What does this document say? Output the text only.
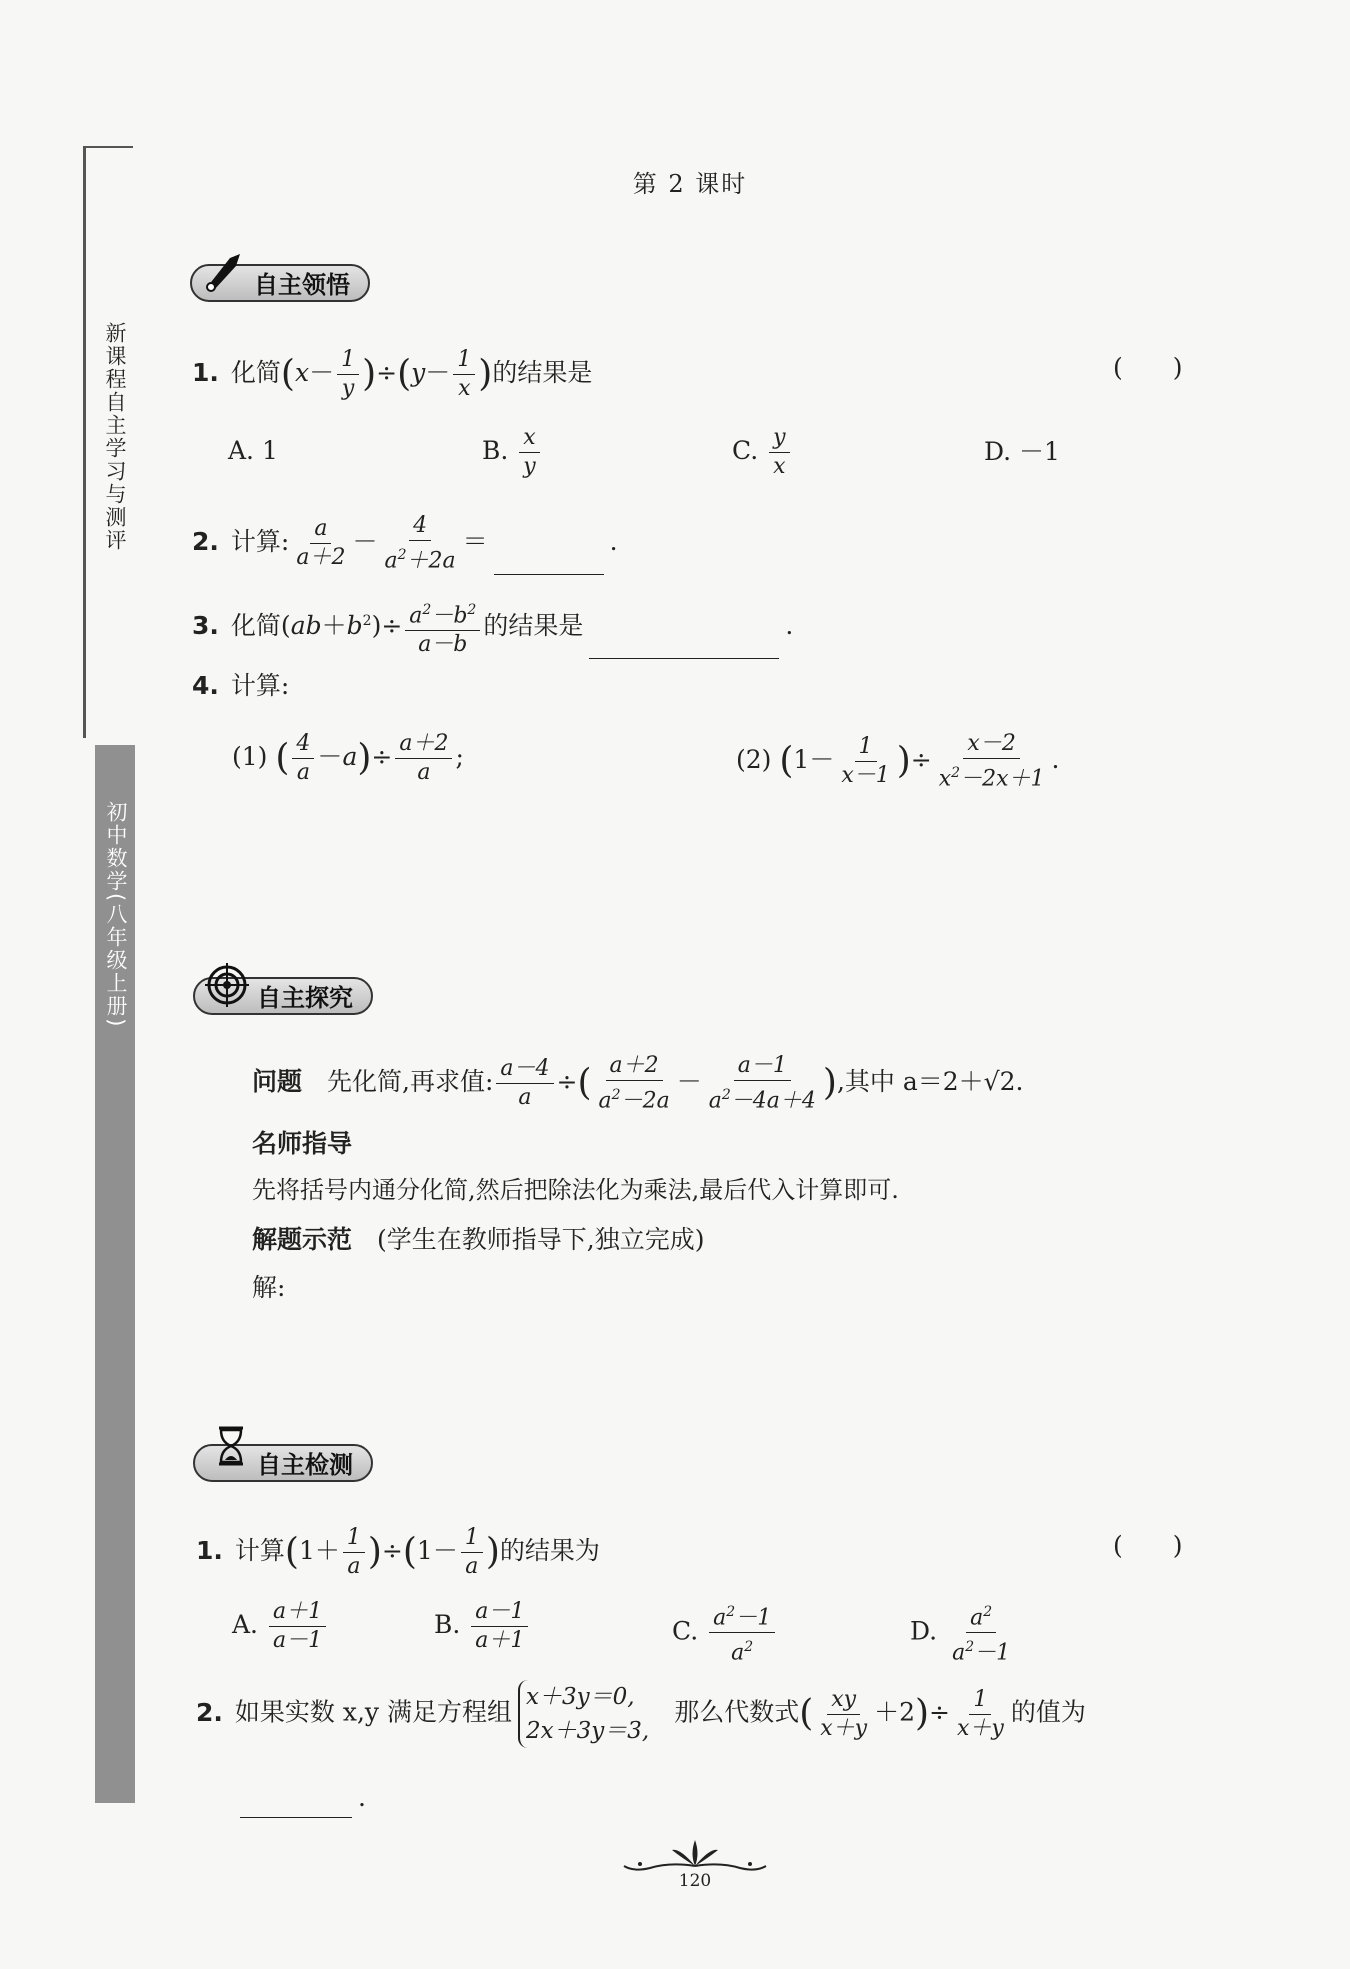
新课程自主学习与测评
初中数学(八年级上册)
第 2 课时
自主领悟
1. 化简$(x- \frac{1}{y} )\div(y- \frac{1}{x}$ )的结果是	(　　)
A. 1	B. $\frac{x}{y}$	C. $\frac{y}{x}$	D. －1
2. 计算: $\frac{a}{a+2} - \frac{4}{a^2+2a}$ ＝	.
3. 化简$(ab+b^2)\div \frac{a^2-b^2}{a-b}$ 的结果是	.
4. 计算:
(1) ( $\frac{4}{a} -a)\div \frac{a+2}{a}$ ;	(2) ($1- \frac{1}{x-1}$ )÷ $\frac{x-2}{x^2-2x+1}$ .
自主探究
问题　 先化简,再求值: $\frac{a-4}{a}$ ÷( $\frac{a+2}{a^2-2a} - \frac{a-1}{a^2-4a+4}$ ),其中 a＝2＋√2.
名师指导
先将括号内通分化简,然后把除法化为乘法,最后代入计算即可.
解题示范　 (学生在教师指导下,独立完成)
解:
自主检测
1. 计算$(1+ \frac{1}{a} )\div(1- \frac{1}{a}$ )的结果为	(　　)
A. $\frac{a+1}{a-1}$	B. $\frac{a-1}{a+1}$	C. $\frac{a^2-1}{a^2}$	D. $\frac{a^2}{a^2-1}$
2. 如果实数 x,y 满足方程组
x＋3y＝0,
2x＋3y＝3,
　那么代数式( $\frac{xy}{x+y} +2)\div \frac{1}{x+y}$ 的值为
.
120
